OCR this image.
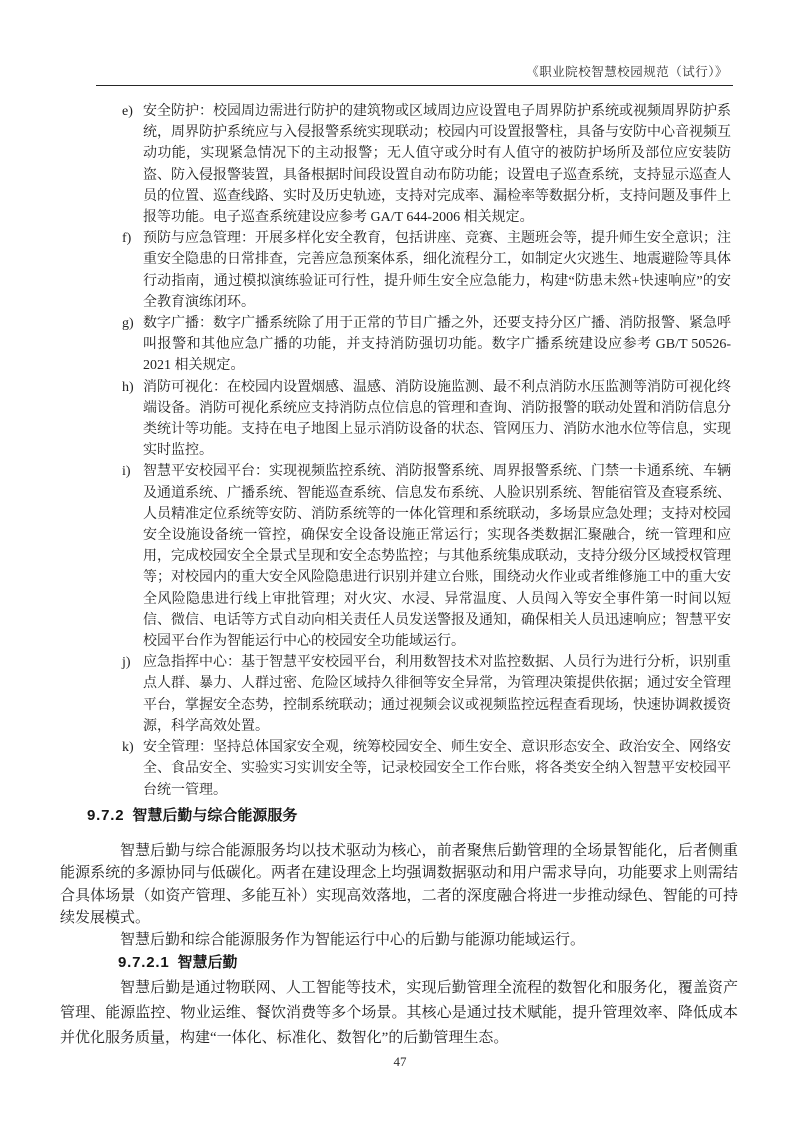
《职业院校智慧校园规范（试行）》
e) 安全防护：校园周边需进行防护的建筑物或区域周边应设置电子周界防护系统或视频周界防护系统，周界防护系统应与入侵报警系统实现联动；校园内可设置报警柱，具备与安防中心音视频互动功能，实现紧急情况下的主动报警；无人值守或分时有人值守的被防护场所及部位应安装防盗、防入侵报警装置，具备根据时间段设置自动布防功能；设置电子巡查系统，支持显示巡查人员的位置、巡查线路、实时及历史轨迹，支持对完成率、漏检率等数据分析，支持问题及事件上报等功能。电子巡查系统建设应参考 GA/T 644-2006 相关规定。
f) 预防与应急管理：开展多样化安全教育，包括讲座、竞赛、主题班会等，提升师生安全意识；注重安全隐患的日常排查，完善应急预案体系，细化流程分工，如制定火灾逃生、地震避险等具体行动指南，通过模拟演练验证可行性，提升师生安全应急能力，构建“防患未然+快速响应”的安全教育演练闭环。
g) 数字广播：数字广播系统除了用于正常的节目广播之外，还要支持分区广播、消防报警、紧急呼叫报警和其他应急广播的功能，并支持消防强切功能。数字广播系统建设应参考 GB/T 50526-2021 相关规定。
h) 消防可视化：在校园内设置烟感、温感、消防设施监测、最不利点消防水压监测等消防可视化终端设备。消防可视化系统应支持消防点位信息的管理和查询、消防报警的联动处置和消防信息分类统计等功能。支持在电子地图上显示消防设备的状态、管网压力、消防水池水位等信息，实现实时监控。
i) 智慧平安校园平台：实现视频监控系统、消防报警系统、周界报警系统、门禁一卡通系统、车辆及通道系统、广播系统、智能巡查系统、信息发布系统、人脸识别系统、智能宿管及查寝系统、人员精准定位系统等安防、消防系统等的一体化管理和系统联动，多场景应急处理；支持对校园安全设施设备统一管控，确保安全设备设施正常运行；实现各类数据汇聚融合，统一管理和应用，完成校园安全全景式呈现和安全态势监控；与其他系统集成联动，支持分级分区域授权管理等；对校园内的重大安全风险隐患进行识别并建立台账，围绕动火作业或者维修施工中的重大安全风险隐患进行线上审批管理；对火灾、水浸、异常温度、人员闯入等安全事件第一时间以短信、微信、电话等方式自动向相关责任人员发送警报及通知，确保相关人员迅速响应；智慧平安校园平台作为智能运行中心的校园安全功能域运行。
j) 应急指挥中心：基于智慧平安校园平台，利用数智技术对监控数据、人员行为进行分析，识别重点人群、暴力、人群过密、危险区域持久徘徊等安全异常，为管理决策提供依据；通过安全管理平台，掌握安全态势，控制系统联动；通过视频会议或视频监控远程查看现场，快速协调救援资源，科学高效处置。
k) 安全管理：坚持总体国家安全观，统筹校园安全、师生安全、意识形态安全、政治安全、网络安全、食品安全、实验实习实训安全等，记录校园安全工作台账，将各类安全纳入智慧平安校园平台统一管理。
9.7.2 智慧后勤与综合能源服务

智慧后勤与综合能源服务均以技术驱动为核心，前者聚焦后勤管理的全场景智能化，后者侧重能源系统的多源协同与低碳化。两者在建设理念上均强调数据驱动和用户需求导向，功能要求上则需结合具体场景（如资产管理、多能互补）实现高效落地，二者的深度融合将进一步推动绿色、智能的可持续发展模式。

智慧后勤和综合能源服务作为智能运行中心的后勤与能源功能域运行。

9.7.2.1 智慧后勤

智慧后勤是通过物联网、人工智能等技术，实现后勤管理全流程的数智化和服务化，覆盖资产管理、能源监控、物业运维、餐饮消费等多个场景。其核心是通过技术赋能，提升管理效率、降低成本并优化服务质量，构建“一体化、标准化、数智化”的后勤管理生态。

47
